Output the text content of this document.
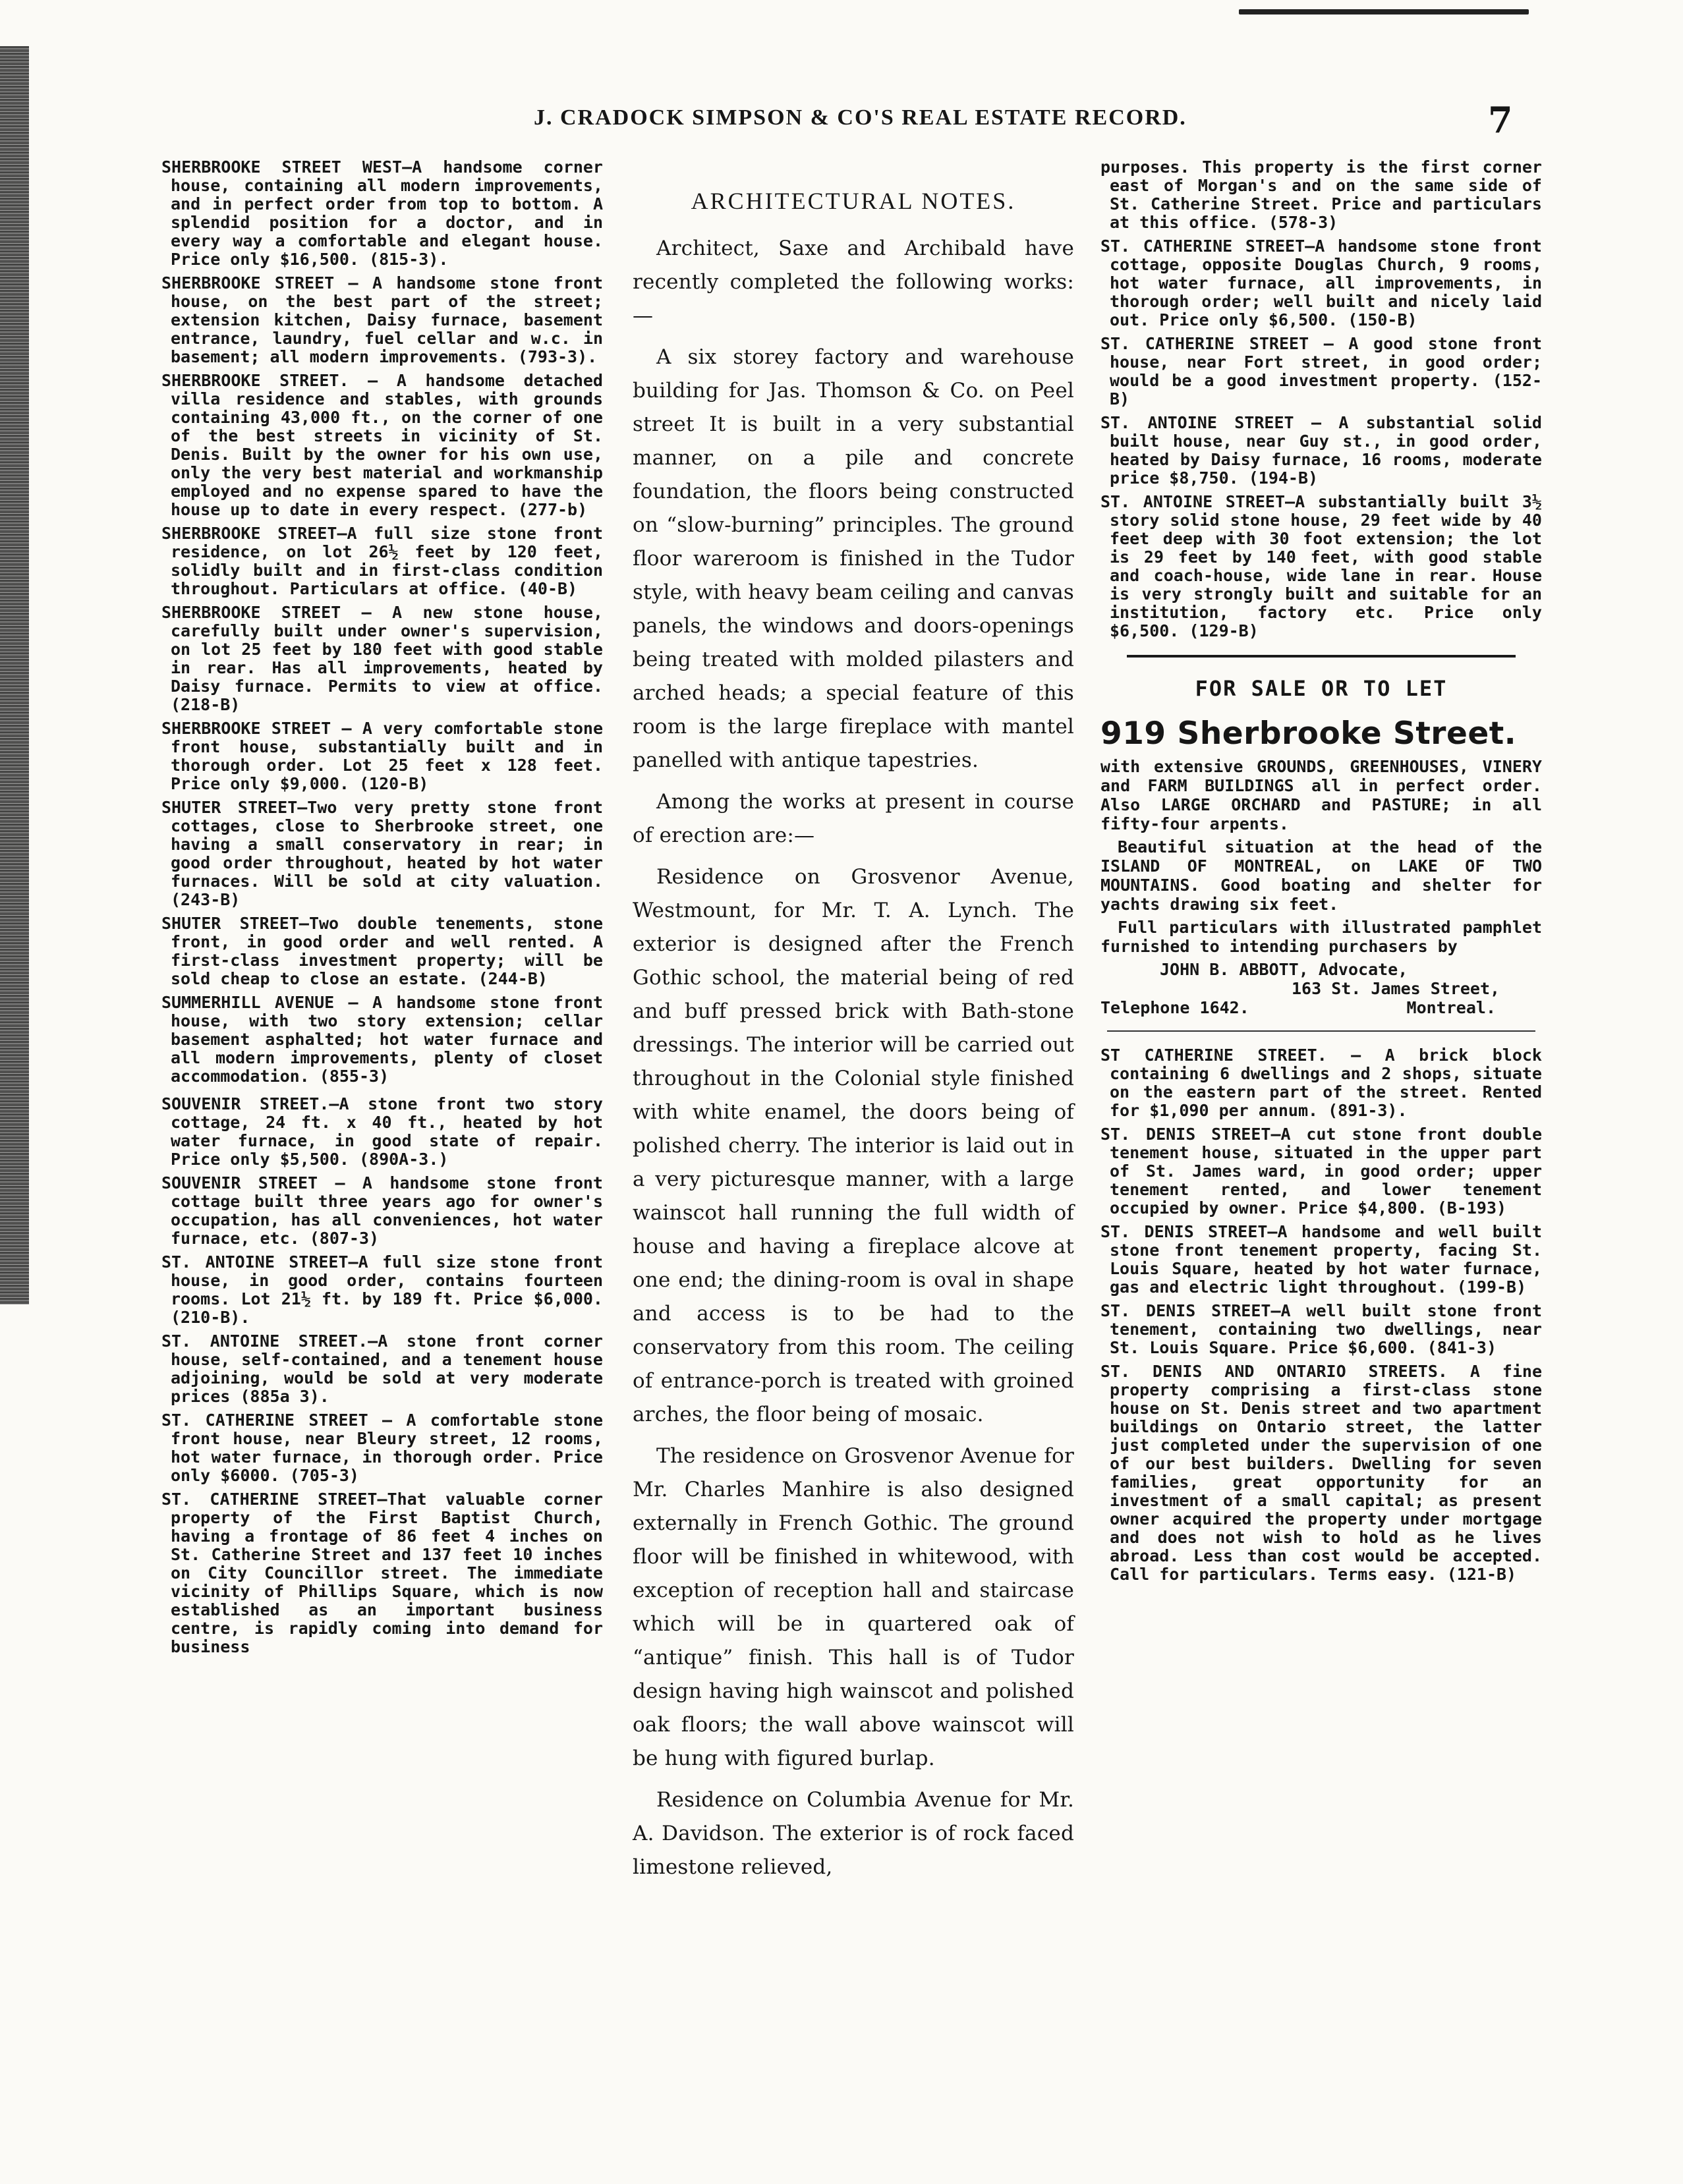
J. CRADOCK SIMPSON & CO'S REAL ESTATE RECORD.	7

SHERBROOKE STREET WEST—A handsome corner house, containing all modern improvements, and in perfect order from top to bottom. A splendid position for a doctor, and in every way a comfortable and elegant house. Price only $16,500. (815-3).

SHERBROOKE STREET — A handsome stone front house, on the best part of the street; extension kitchen, Daisy furnace, basement entrance, laundry, fuel cellar and w.c. in basement; all modern improvements. (793-3).

SHERBROOKE STREET. — A handsome detached villa residence and stables, with grounds containing 43,000 ft., on the corner of one of the best streets in vicinity of St. Denis. Built by the owner for his own use, only the very best material and workmanship employed and no expense spared to have the house up to date in every respect. (277-b)

SHERBROOKE STREET—A full size stone front residence, on lot 26½ feet by 120 feet, solidly built and in first-class condition throughout. Particulars at office. (40-B)

SHERBROOKE STREET — A new stone house, carefully built under owner's supervision, on lot 25 feet by 180 feet with good stable in rear. Has all improvements, heated by Daisy furnace. Permits to view at office. (218-B)

SHERBROOKE STREET — A very comfortable stone front house, substantially built and in thorough order. Lot 25 feet x 128 feet. Price only $9,000. (120-B)

SHUTER STREET—Two very pretty stone front cottages, close to Sherbrooke street, one having a small conservatory in rear; in good order throughout, heated by hot water furnaces. Will be sold at city valuation. (243-B)

SHUTER STREET—Two double tenements, stone front, in good order and well rented. A first-class investment property; will be sold cheap to close an estate. (244-B)

SUMMERHILL AVENUE — A handsome stone front house, with two story extension; cellar basement asphalted; hot water furnace and all modern improvements, plenty of closet accommodation. (855-3)

SOUVENIR STREET.—A stone front two story cottage, 24 ft. x 40 ft., heated by hot water furnace, in good state of repair. Price only $5,500. (890A-3.)

SOUVENIR STREET — A handsome stone front cottage built three years ago for owner's occupation, has all conveniences, hot water furnace, etc. (807-3)

ST. ANTOINE STREET—A full size stone front house, in good order, contains fourteen rooms. Lot 21½ ft. by 189 ft. Price $6,000. (210-B).

ST. ANTOINE STREET.—A stone front corner house, self-contained, and a tenement house adjoining, would be sold at very moderate prices (885a 3).

ST. CATHERINE STREET — A comfortable stone front house, near Bleury street, 12 rooms, hot water furnace, in thorough order. Price only $6000. (705-3)

ST. CATHERINE STREET—That valuable corner property of the First Baptist Church, having a frontage of 86 feet 4 inches on St. Catherine Street and 137 feet 10 inches on City Councillor street. The immediate vicinity of Phillips Square, which is now established as an important business centre, is rapidly coming into demand for business

ARCHITECTURAL NOTES.

Architect, Saxe and Archibald have recently completed the following works:—

A six storey factory and warehouse building for Jas. Thomson & Co. on Peel street It is built in a very substantial manner, on a pile and concrete foundation, the floors being constructed on “slow-burning” principles. The ground floor wareroom is finished in the Tudor style, with heavy beam ceiling and canvas panels, the windows and doors-openings being treated with molded pilasters and arched heads; a special feature of this room is the large fireplace with mantel panelled with antique tapestries.

Among the works at present in course of erection are:—

Residence on Grosvenor Avenue, Westmount, for Mr. T. A. Lynch. The exterior is designed after the French Gothic school, the material being of red and buff pressed brick with Bath-stone dressings. The interior will be carried out throughout in the Colonial style finished with white enamel, the doors being of polished cherry. The interior is laid out in a very picturesque manner, with a large wainscot hall running the full width of house and having a fireplace alcove at one end; the dining-room is oval in shape and access is to be had to the conservatory from this room. The ceiling of entrance-porch is treated with groined arches, the floor being of mosaic.

The residence on Grosvenor Avenue for Mr. Charles Manhire is also designed externally in French Gothic. The ground floor will be finished in whitewood, with exception of reception hall and staircase which will be in quartered oak of “antique” finish. This hall is of Tudor design having high wainscot and polished oak floors; the wall above wainscot will be hung with figured burlap.

Residence on Columbia Avenue for Mr. A. Davidson. The exterior is of rock faced limestone relieved,

purposes. This property is the first corner east of Morgan's and on the same side of St. Catherine Street. Price and particulars at this office. (578-3)

ST. CATHERINE STREET—A handsome stone front cottage, opposite Douglas Church, 9 rooms, hot water furnace, all improvements, in thorough order; well built and nicely laid out. Price only $6,500. (150-B)

ST. CATHERINE STREET — A good stone front house, near Fort street, in good order; would be a good investment property. (152-B)

ST. ANTOINE STREET — A substantial solid built house, near Guy st., in good order, heated by Daisy furnace, 16 rooms, moderate price $8,750. (194-B)

ST. ANTOINE STREET—A substantially built 3½ story solid stone house, 29 feet wide by 40 feet deep with 30 foot extension; the lot is 29 feet by 140 feet, with good stable and coach-house, wide lane in rear. House is very strongly built and suitable for an institution, factory etc. Price only $6,500. (129-B)

FOR SALE OR TO LET
919 Sherbrooke Street.

with extensive GROUNDS, GREENHOUSES, VINERY and FARM BUILDINGS all in perfect order. Also LARGE ORCHARD and PASTURE; in all fifty-four arpents.

Beautiful situation at the head of the ISLAND OF MONTREAL, on LAKE OF TWO MOUNTAINS. Good boating and shelter for yachts drawing six feet.

Full particulars with illustrated pamphlet furnished to intending purchasers by

JOHN B. ABBOTT, Advocate,
163 St. James Street,
Telephone 1642.	Montreal.

ST CATHERINE STREET. — A brick block containing 6 dwellings and 2 shops, situate on the eastern part of the street. Rented for $1,090 per annum. (891-3).

ST. DENIS STREET—A cut stone front double tenement house, situated in the upper part of St. James ward, in good order; upper tenement rented, and lower tenement occupied by owner. Price $4,800. (B-193)

ST. DENIS STREET—A handsome and well built stone front tenement property, facing St. Louis Square, heated by hot water furnace, gas and electric light throughout. (199-B)

ST. DENIS STREET—A well built stone front tenement, containing two dwellings, near St. Louis Square. Price $6,600. (841-3)

ST. DENIS AND ONTARIO STREETS. A fine property comprising a first-class stone house on St. Denis street and two apartment buildings on Ontario street, the latter just completed under the supervision of one of our best builders. Dwelling for seven families, great opportunity for an investment of a small capital; as present owner acquired the property under mortgage and does not wish to hold as he lives abroad. Less than cost would be accepted. Call for particulars. Terms easy. (121-B)
